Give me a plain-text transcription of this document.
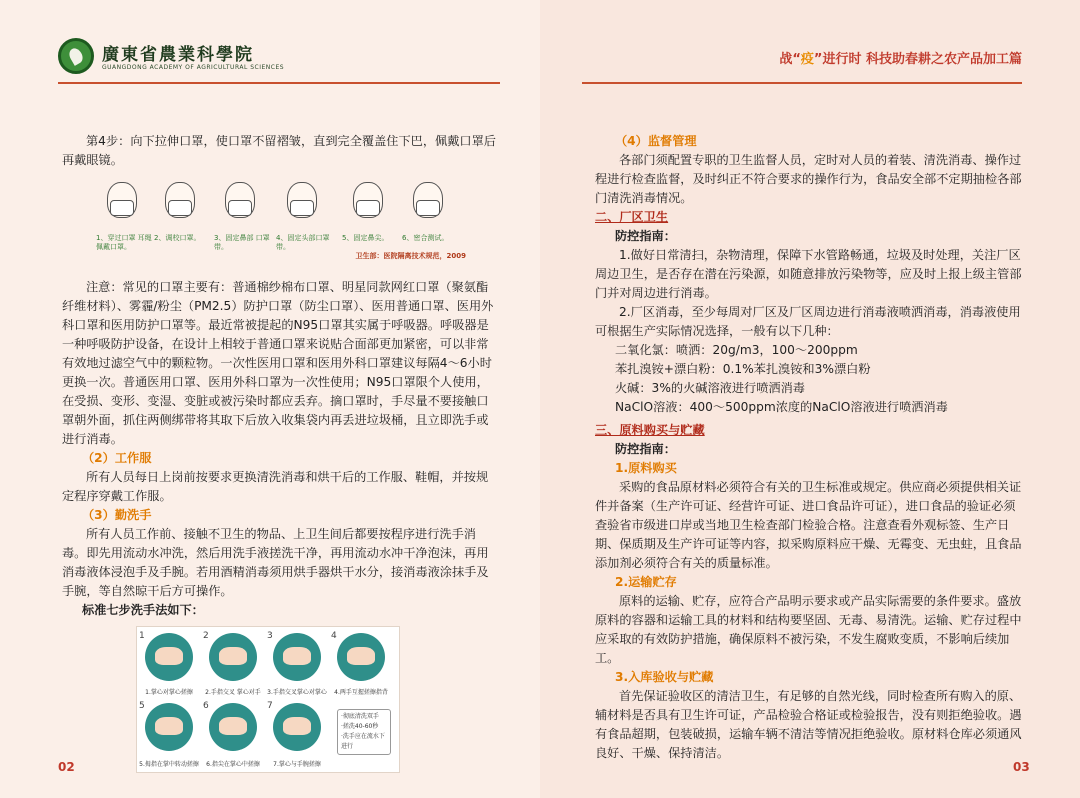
廣東省農業科學院
GUANGDONG ACADEMY OF AGRICULTURAL SCIENCES
战“疫”进行时 科技助春耕之农产品加工篇

第4步：向下拉伸口罩，使口罩不留褶皱，直到完全覆盖住下巴，佩戴口罩后再戴眼镜。

1、穿过口罩 耳绳佩戴口罩。
2、调校口罩。	3、固定鼻部 口罩带。
4、固定头部口罩带。
5、固定鼻尖。	6、密合测试。
卫生部：医院隔离技术规范，2009

注意：常见的口罩主要有：普通棉纱棉布口罩、明星同款网红口罩（聚氨酯纤维材料）、雾霾/粉尘（PM2.5）防护口罩（防尘口罩）、医用普通口罩、医用外科口罩和医用防护口罩等。最近常被提起的N95口罩其实属于呼吸器。呼吸器是一种呼吸防护设备，在设计上相较于普通口罩来说贴合面部更加紧密，可以非常有效地过滤空气中的颗粒物。一次性医用口罩和医用外科口罩建议每隔4～6小时更换一次。普通医用口罩、医用外科口罩为一次性使用；N95口罩限个人使用，在受损、变形、变湿、变脏或被污染时都应丢弃。摘口罩时，手尽量不要接触口罩朝外面，抓住两侧绑带将其取下后放入收集袋内再丢进垃圾桶，且立即洗手或进行消毒。

（2）工作服

所有人员每日上岗前按要求更换清洗消毒和烘干后的工作服、鞋帽，并按规定程序穿戴工作服。

（3）勤洗手

所有人员工作前、接触不卫生的物品、上卫生间后都要按程序进行洗手消毒。即先用流动水冲洗，然后用洗手液搓洗干净，再用流动水冲干净泡沫，再用消毒液体浸泡手及手腕。若用酒精消毒须用烘手器烘干水分，接消毒液涂抹手及手腕，等自然晾干后方可操作。

标准七步洗手法如下：

1	2	3	4
1.掌心对掌心搓擦	2.手指交叉 掌心对手	3.手指交叉掌心对掌心	4.两手互握搓擦指背
5	6	7
5.拇指在掌中转动搓擦	6.指尖在掌心中搓擦	7.掌心与手腕搓擦
·彻底清洗双手
·搓洗40-60秒
·洗手应在流水下进行

（4）监督管理

各部门须配置专职的卫生监督人员，定时对人员的着装、清洗消毒、操作过程进行检查监督，及时纠正不符合要求的操作行为，食品安全部不定期抽检各部门清洗消毒情况。

二、厂区卫生

防控指南：

1.做好日常清扫，杂物清理，保障下水管路畅通，垃圾及时处理，关注厂区周边卫生，是否存在潜在污染源，如随意排放污染物等，应及时上报上级主管部门并对周边进行消毒。

2.厂区消毒，至少每周对厂区及厂区周边进行消毒液喷洒消毒，消毒液使用可根据生产实际情况选择，一般有以下几种：

二氧化氯：喷洒：20g/m3，100～200ppm

苯扎溴铵+漂白粉：0.1%苯扎溴铵和3%漂白粉

火碱：3%的火碱溶液进行喷洒消毒

NaClO溶液：400～500ppm浓度的NaClO溶液进行喷洒消毒

三、原料购买与贮藏

防控指南：

1.原料购买

采购的食品原材料必须符合有关的卫生标准或规定。供应商必须提供相关证件并备案（生产许可证、经营许可证、进口食品许可证），进口食品的验证必须查验省市级进口岸或当地卫生检查部门检验合格。注意查看外观标签、生产日期、保质期及生产许可证等内容，拟采购原料应干燥、无霉变、无虫蛀，且食品添加剂必须符合有关的质量标准。

2.运输贮存

原料的运输、贮存，应符合产品明示要求或产品实际需要的条件要求。盛放原料的容器和运输工具的材料和结构要坚固、无毒、易清洗。运输、贮存过程中应采取的有效防护措施，确保原料不被污染，不发生腐败变质，不影响后续加工。

3.入库验收与贮藏

首先保证验收区的清洁卫生，有足够的自然光线，同时检查所有购入的原、辅材料是否具有卫生许可证，产品检验合格证或检验报告，没有则拒绝验收。遇有食品超期，包装破损，运输车辆不清洁等情况拒绝验收。原材料仓库必须通风良好、干燥、保持清洁。

02	03
